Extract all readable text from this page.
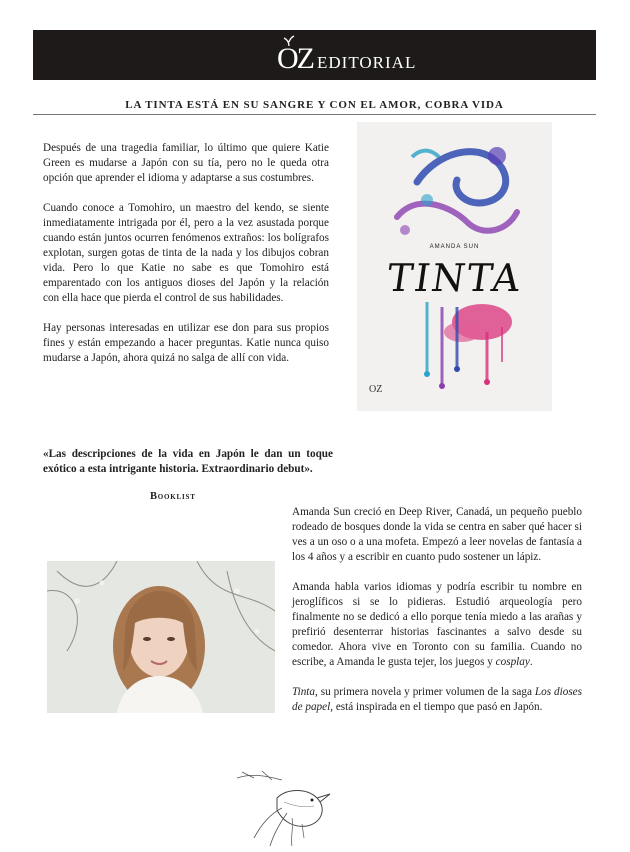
OZ EDITORIAL
LA TINTA ESTÁ EN SU SANGRE Y CON EL AMOR, COBRA VIDA

Después de una tragedia familiar, lo último que quiere Katie Green es mudarse a Japón con su tía, pero no le queda otra opción que aprender el idioma y adaptarse a sus costumbres.

Cuando conoce a Tomohiro, un maestro del kendo, se siente inmediatamente intrigada por él, pero a la vez asustada porque cuando están juntos ocurren fenómenos extraños: los bolígrafos explotan, surgen gotas de tinta de la nada y los dibujos cobran vida. Pero lo que Katie no sabe es que Tomohiro está emparentado con los antiguos dioses del Japón y la relación con ella hace que pierda el control de sus habilidades.

Hay personas interesadas en utilizar ese don para sus propios fines y están empezando a hacer preguntas. Katie nunca quiso mudarse a Japón, ahora quizá no salga de allí con vida.

AMANDA SUN
TINTA
OZ
«Las descripciones de la vida en Japón le dan un toque exótico a esta intrigante historia. Extraordinario debut».
Booklist

Amanda Sun creció en Deep River, Canadá, un pequeño pueblo rodeado de bosques donde la vida se centra en saber qué hacer si ves a un oso o a una mofeta. Empezó a leer novelas de fantasía a los 4 años y a escribir en cuanto pudo sostener un lápiz.

Amanda habla varios idiomas y podría escribir tu nombre en jeroglíficos si se lo pidieras. Estudió arqueología pero finalmente no se dedicó a ello porque tenía miedo a las arañas y prefirió desenterrar historias fascinantes a salvo desde su comedor. Ahora vive en Toronto con su familia. Cuando no escribe, a Amanda le gusta tejer, los juegos y cosplay.

Tinta, su primera novela y primer volumen de la saga Los dioses de papel, está inspirada en el tiempo que pasó en Japón.
